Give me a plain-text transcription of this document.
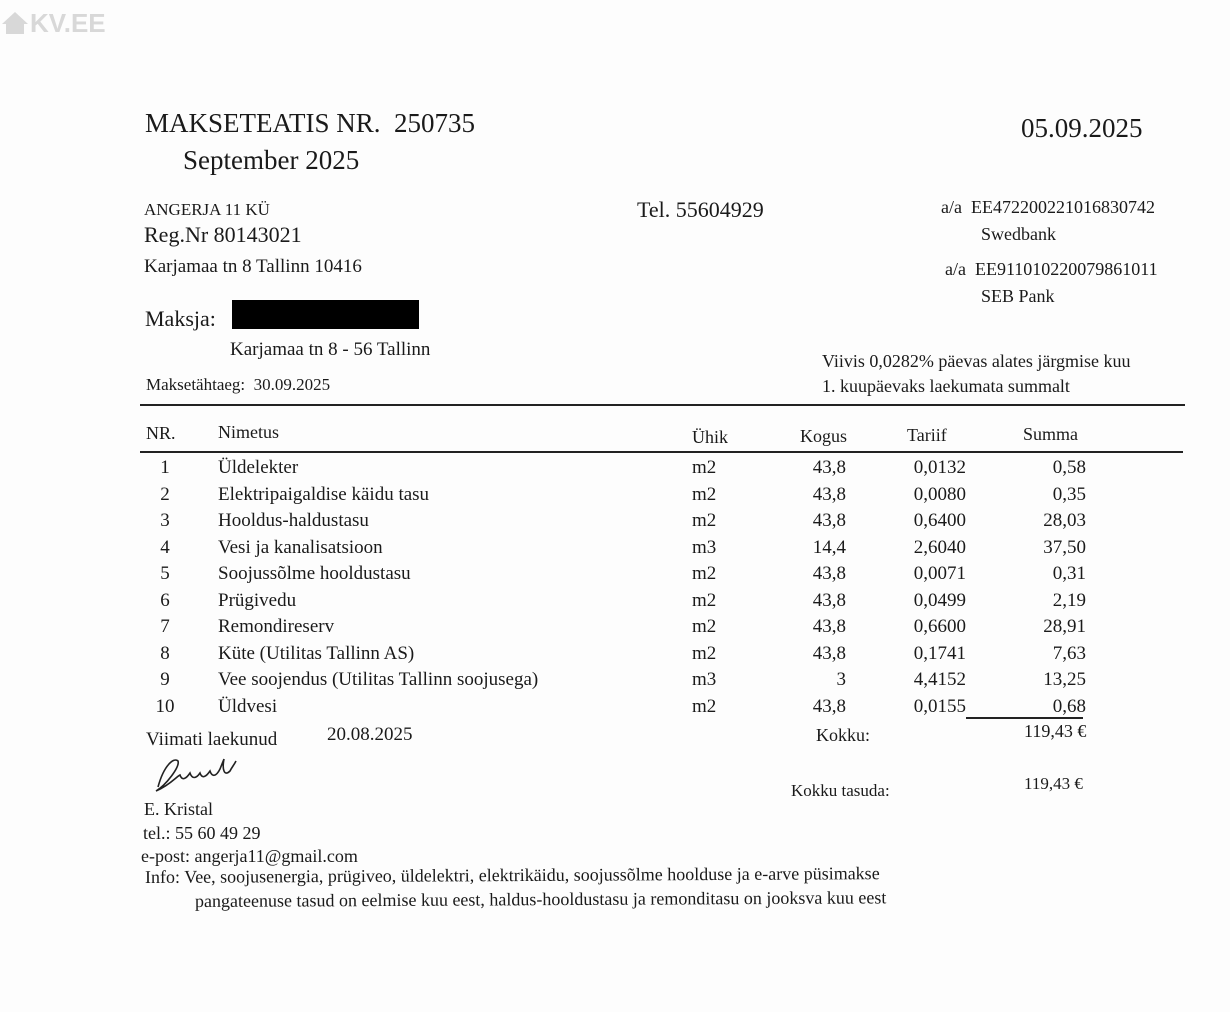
KV.EE
MAKSETEATIS NR. 250735
September 2025
05.09.2025
ANGERJA 11 KÜ
Reg.Nr 80143021
Karjamaa tn 8 Tallinn 10416
Tel. 55604929	a/a EE472200221016830742
Swedbank
a/a EE911010220079861011
SEB Pank
Maksja:
Karjamaa tn 8 - 56 Tallinn
Maksetähtaeg: 30.09.2025
Viivis 0,0282% päevas alates järgmise kuu
1. kuupäevaks laekumata summalt
NR. Nimetus	Ühik	Kogus	Tariif	Summa
1	Üldelekter	m2	43,8	0,0132	0,58
2	Elektripaigaldise käidu tasu	m2	43,8	0,0080	0,35
3	Hooldus-haldustasu	m2	43,8	0,6400	28,03
4	Vesi ja kanalisatsioon	m3	14,4	2,6040	37,50
5	Soojussõlme hooldustasu	m2	43,8	0,0071	0,31
6	Prügivedu	m2	43,8	0,0499	2,19
7	Remondireserv	m2	43,8	0,6600	28,91
8	Küte (Utilitas Tallinn AS)	m2	43,8	0,1741	7,63
9	Vee soojendus (Utilitas Tallinn soojusega)	m3	3	4,4152	13,25
10	Üldvesi	m2	43,8	0,0155	0,68
Viimati laekunud	20.08.2025	Kokku:	119,43 €
Kokku tasuda:	119,43 €
E. Kristal
tel.: 55 60 49 29
e-post: angerja11@gmail.com
Info: Vee, soojusenergia, prügiveo, üldelektri, elektrikäidu, soojussõlme hoolduse ja e-arve püsimakse
pangateenuse tasud on eelmise kuu eest, haldus-hooldustasu ja remonditasu on jooksva kuu eest
